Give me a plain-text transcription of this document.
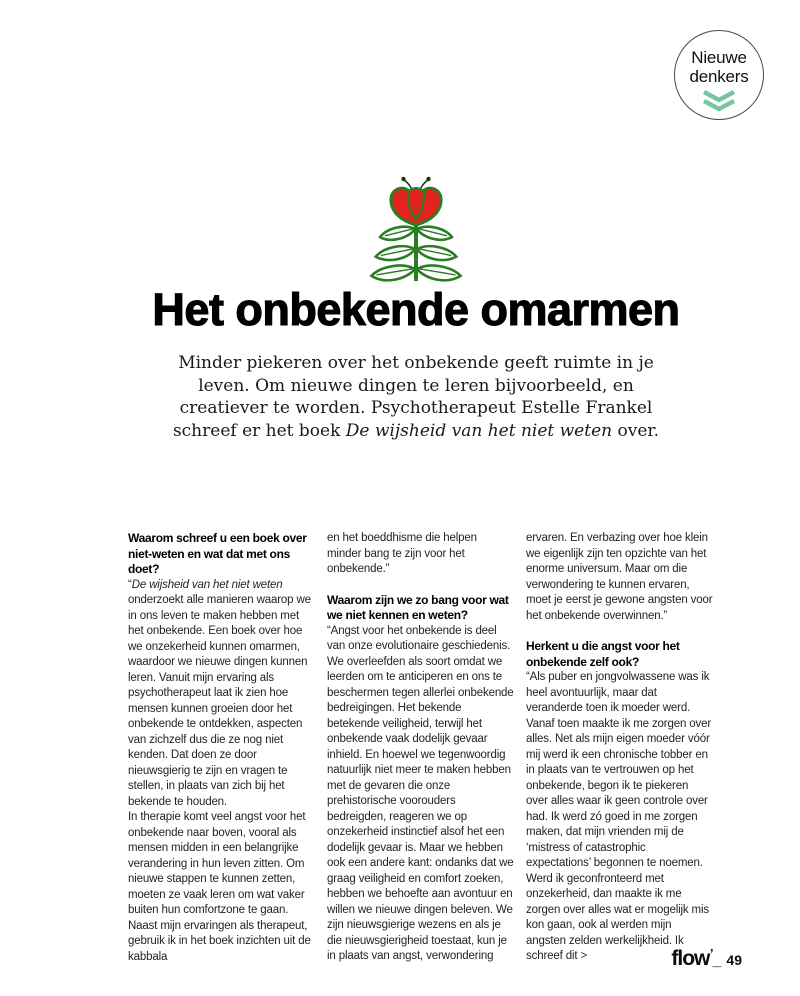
Nieuwe
denkers
Het onbekende omarmen
Minder piekeren over het onbekende geeft ruimte in je leven. Om nieuwe dingen te leren bijvoorbeeld, en creatiever te worden. Psychotherapeut Estelle Frankel schreef er het boek De wijsheid van het niet weten over.
Waarom schreef u een boek over niet-weten en wat dat met ons doet?

“De wijsheid van het niet weten onderzoekt alle manieren waarop we in ons leven te maken hebben met het onbekende. Een boek over hoe we onzekerheid kunnen omarmen, waardoor we nieuwe dingen kunnen leren. Vanuit mijn ervaring als psychotherapeut laat ik zien hoe mensen kunnen groeien door het onbekende te ontdekken, aspecten van zichzelf dus die ze nog niet kenden. Dat doen ze door nieuwsgierig te zijn en vragen te stellen, in plaats van zich bij het bekende te houden.

In therapie komt veel angst voor het onbekende naar boven, vooral als mensen midden in een belangrijke verandering in hun leven zitten. Om nieuwe stappen te kunnen zetten, moeten ze vaak leren om wat vaker buiten hun comfortzone te gaan. Naast mijn ervaringen als therapeut, gebruik ik in het boek inzichten uit de kabbala

en het boeddhisme die helpen minder bang te zijn voor het onbekende.”

Waarom zijn we zo bang voor wat we niet kennen en weten?

“Angst voor het onbekende is deel van onze evolutionaire geschiedenis. We overleefden als soort omdat we leerden om te anticiperen en ons te beschermen tegen allerlei onbekende bedreigingen. Het bekende betekende veiligheid, terwijl het onbekende vaak dodelijk gevaar inhield. En hoewel we tegenwoordig natuurlijk niet meer te maken hebben met de gevaren die onze prehistorische voorouders bedreigden, reageren we op onzekerheid instinctief alsof het een dodelijk gevaar is. Maar we hebben ook een andere kant: ondanks dat we graag veiligheid en comfort zoeken, hebben we behoefte aan avontuur en willen we nieuwe dingen beleven. We zijn nieuwsgierige wezens en als je die nieuwsgierigheid toestaat, kun je in plaats van angst, verwondering

ervaren. En verbazing over hoe klein we eigenlijk zijn ten opzichte van het enorme universum. Maar om die verwondering te kunnen ervaren, moet je eerst je gewone angsten voor het onbekende overwinnen.”

Herkent u die angst voor het onbekende zelf ook?

“Als puber en jongvolwassene was ik heel avontuurlijk, maar dat veranderde toen ik moeder werd. Vanaf toen maakte ik me zorgen over alles. Net als mijn eigen moeder vóór mij werd ik een chronische tobber en in plaats van te vertrouwen op het onbekende, begon ik te piekeren over alles waar ik geen controle over had. Ik werd zó goed in me zorgen maken, dat mijn vrienden mij de ‘mistress of catastrophic expectations’ begonnen te noemen. Werd ik geconfronteerd met onzekerheid, dan maakte ik me zorgen over alles wat er mogelijk mis kon gaan, ook al werden mijn angsten zelden werkelijkheid. Ik schreef dit >	flow’_ 49
